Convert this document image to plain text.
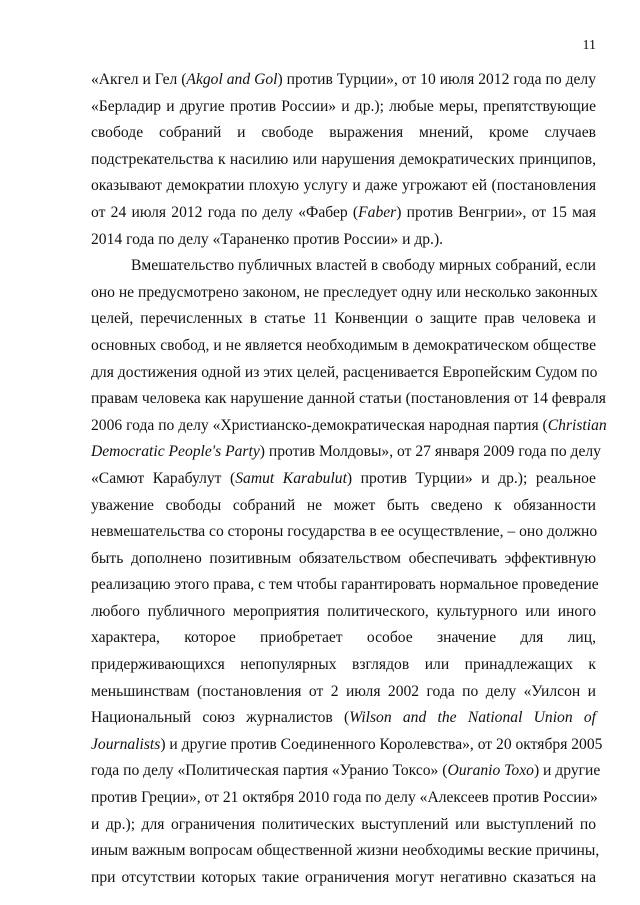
11
«Акгел и Гел (Akgol and Gol) против Турции», от 10 июля 2012 года по делу
«Берладир и другие против России» и др.); любые меры, препятствующие
свободе собраний и свободе выражения мнений, кроме случаев
подстрекательства к насилию или нарушения демократических принципов,
оказывают демократии плохую услугу и даже угрожают ей (постановления
от 24 июля 2012 года по делу «Фабер (Faber) против Венгрии», от 15 мая
2014 года по делу «Тараненко против России» и др.).
Вмешательство публичных властей в свободу мирных собраний, если
оно не предусмотрено законом, не преследует одну или несколько законных
целей, перечисленных в статье 11 Конвенции о защите прав человека и
основных свобод, и не является необходимым в демократическом обществе
для достижения одной из этих целей, расценивается Европейским Судом по
правам человека как нарушение данной статьи (постановления от 14 февраля
2006 года по делу «Христианско-демократическая народная партия (Christian
Democratic People's Party) против Молдовы», от 27 января 2009 года по делу
«Самют Карабулут (Samut Karabulut) против Турции» и др.); реальное
уважение свободы собраний не может быть сведено к обязанности
невмешательства со стороны государства в ее осуществление, – оно должно
быть дополнено позитивным обязательством обеспечивать эффективную
реализацию этого права, с тем чтобы гарантировать нормальное проведение
любого публичного мероприятия политического, культурного или иного
характера, которое приобретает особое значение для лиц,
придерживающихся непопулярных взглядов или принадлежащих к
меньшинствам (постановления от 2 июля 2002 года по делу «Уилсон и
Национальный союз журналистов (Wilson and the National Union of
Journalists) и другие против Соединенного Королевства», от 20 октября 2005
года по делу «Политическая партия «Уранио Токсо» (Ouranio Toxo) и другие
против Греции», от 21 октября 2010 года по делу «Алексеев против России»
и др.); для ограничения политических выступлений или выступлений по
иным важным вопросам общественной жизни необходимы веские причины,
при отсутствии которых такие ограничения могут негативно сказаться на
